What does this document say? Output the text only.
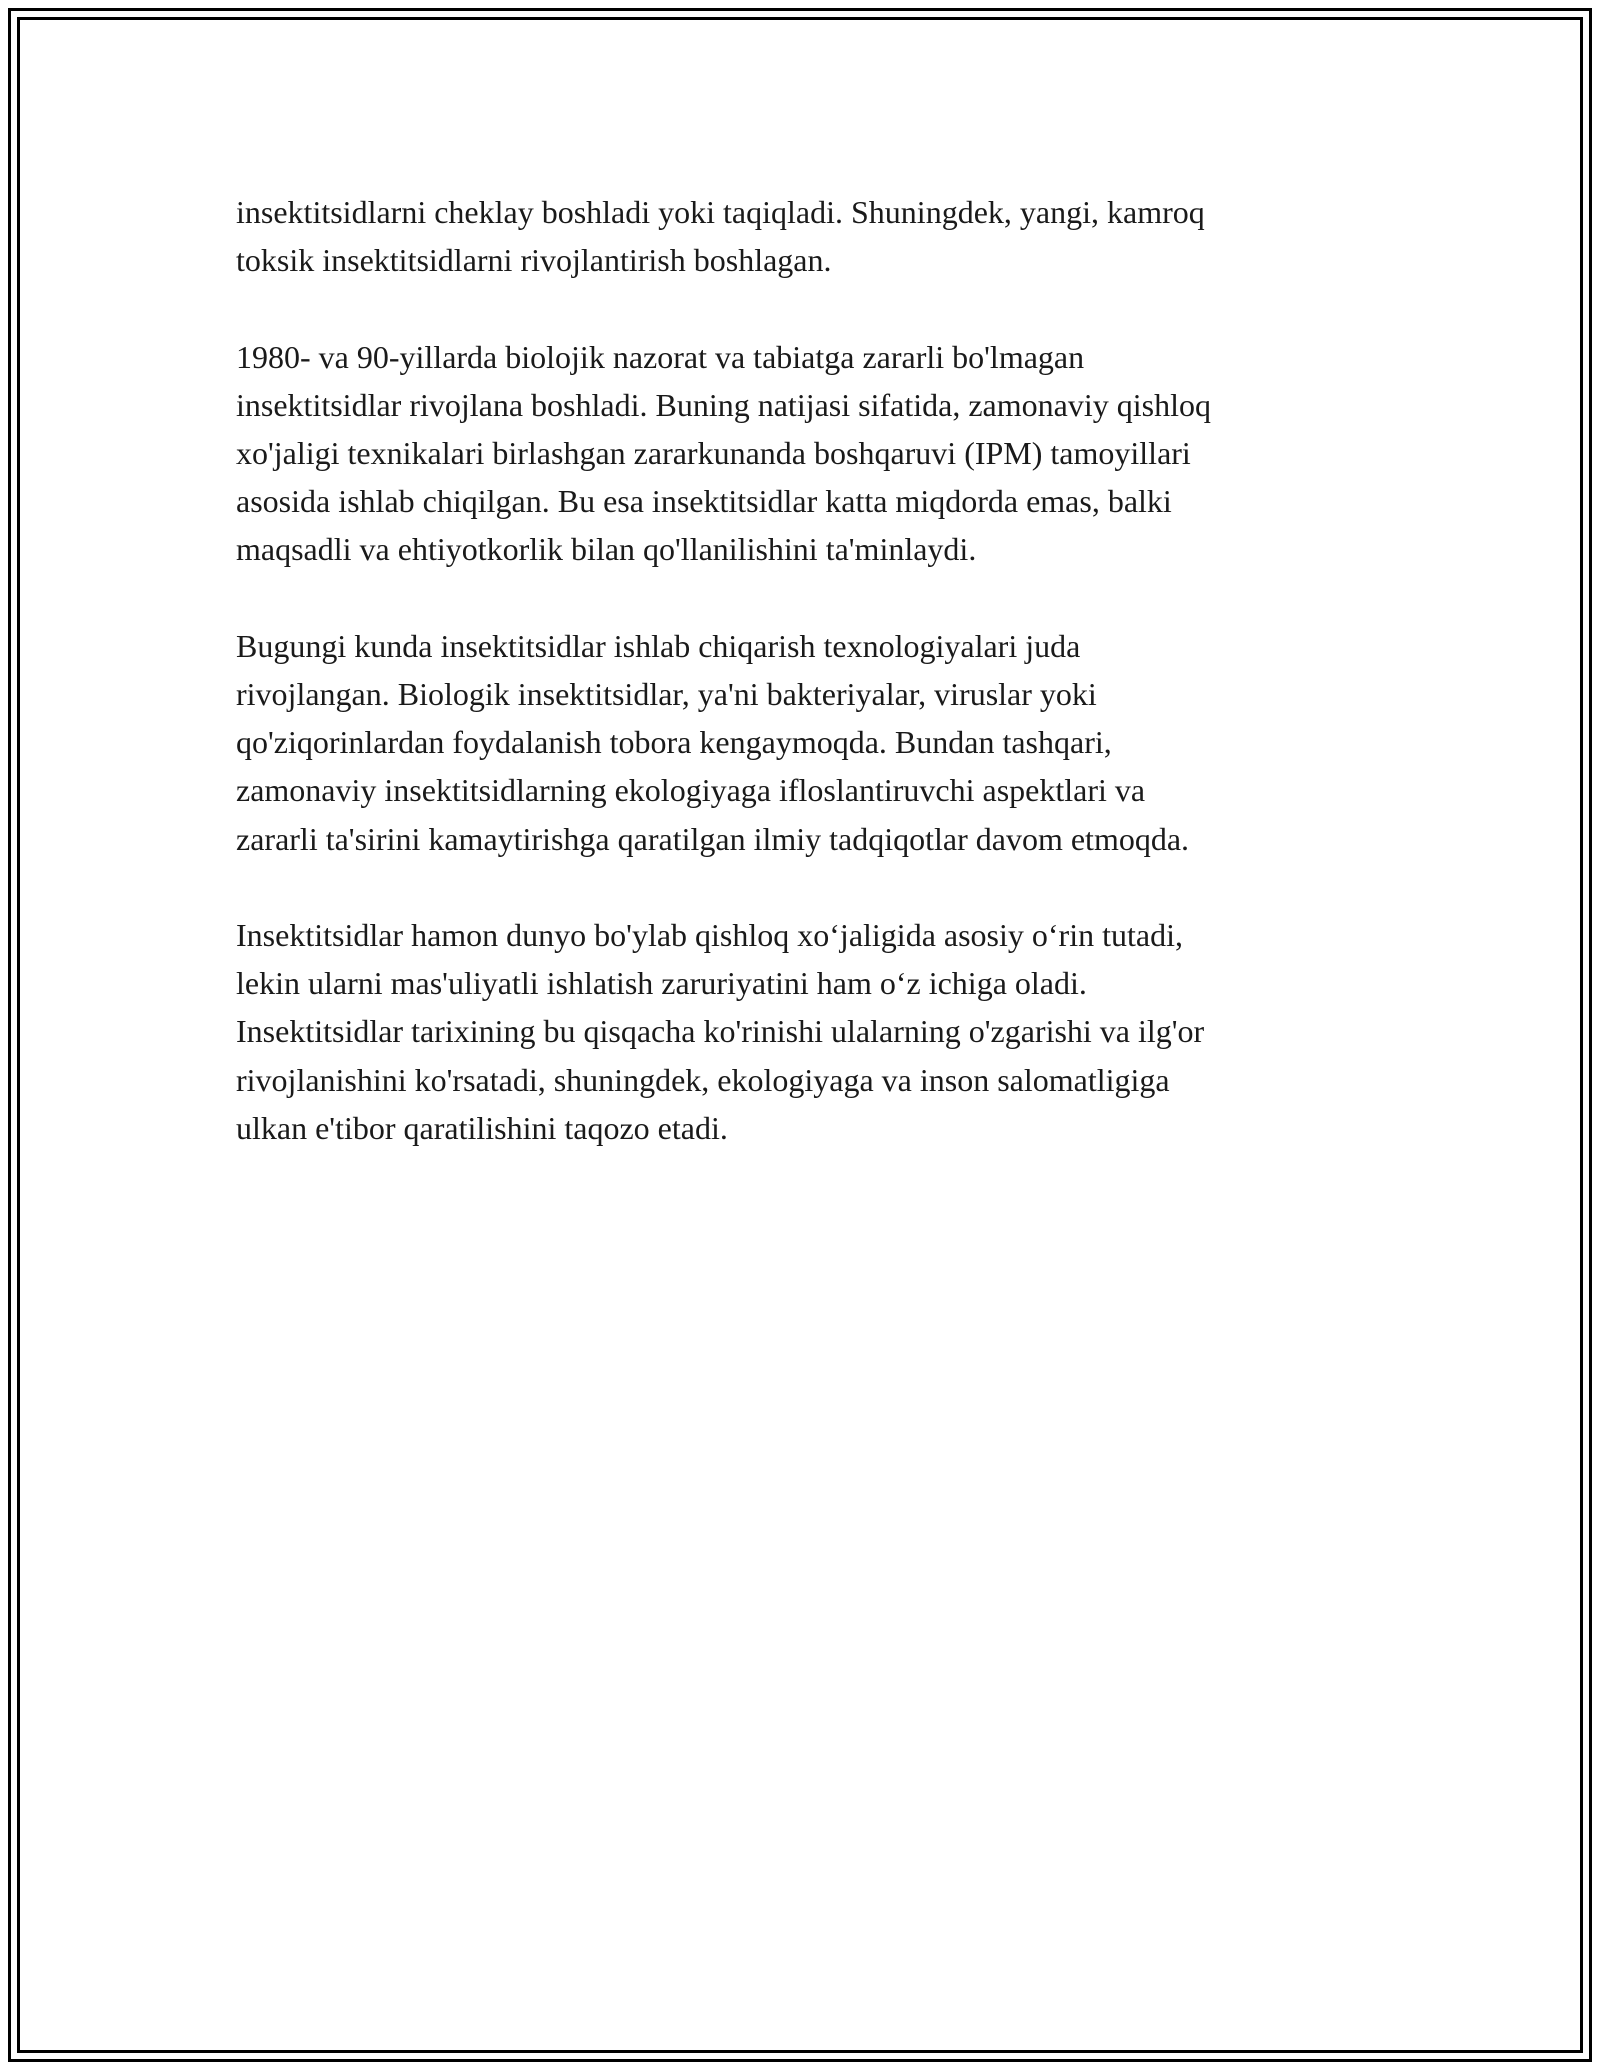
insektitsidlarni cheklay boshladi yoki taqiqladi. Shuningdek, yangi, kamroq
toksik insektitsidlarni rivojlantirish boshlagan.

1980- va 90-yillarda biolojik nazorat va tabiatga zararli bo'lmagan
insektitsidlar rivojlana boshladi. Buning natijasi sifatida, zamonaviy qishloq
xo'jaligi texnikalari birlashgan zararkunanda boshqaruvi (IPM) tamoyillari
asosida ishlab chiqilgan. Bu esa insektitsidlar katta miqdorda emas, balki
maqsadli va ehtiyotkorlik bilan qo'llanilishini ta'minlaydi.

Bugungi kunda insektitsidlar ishlab chiqarish texnologiyalari juda
rivojlangan. Biologik insektitsidlar, ya'ni bakteriyalar, viruslar yoki
qo'ziqorinlardan foydalanish tobora kengaymoqda. Bundan tashqari,
zamonaviy insektitsidlarning ekologiyaga ifloslantiruvchi aspektlari va
zararli ta'sirini kamaytirishga qaratilgan ilmiy tadqiqotlar davom etmoqda.

Insektitsidlar hamon dunyo bo'ylab qishloq xoʻjaligida asosiy oʻrin tutadi,
lekin ularni mas'uliyatli ishlatish zaruriyatini ham oʻz ichiga oladi.
Insektitsidlar tarixining bu qisqacha ko'rinishi ulalarning o'zgarishi va ilg'or
rivojlanishini ko'rsatadi, shuningdek, ekologiyaga va inson salomatligiga
ulkan e'tibor qaratilishini taqozo etadi.
